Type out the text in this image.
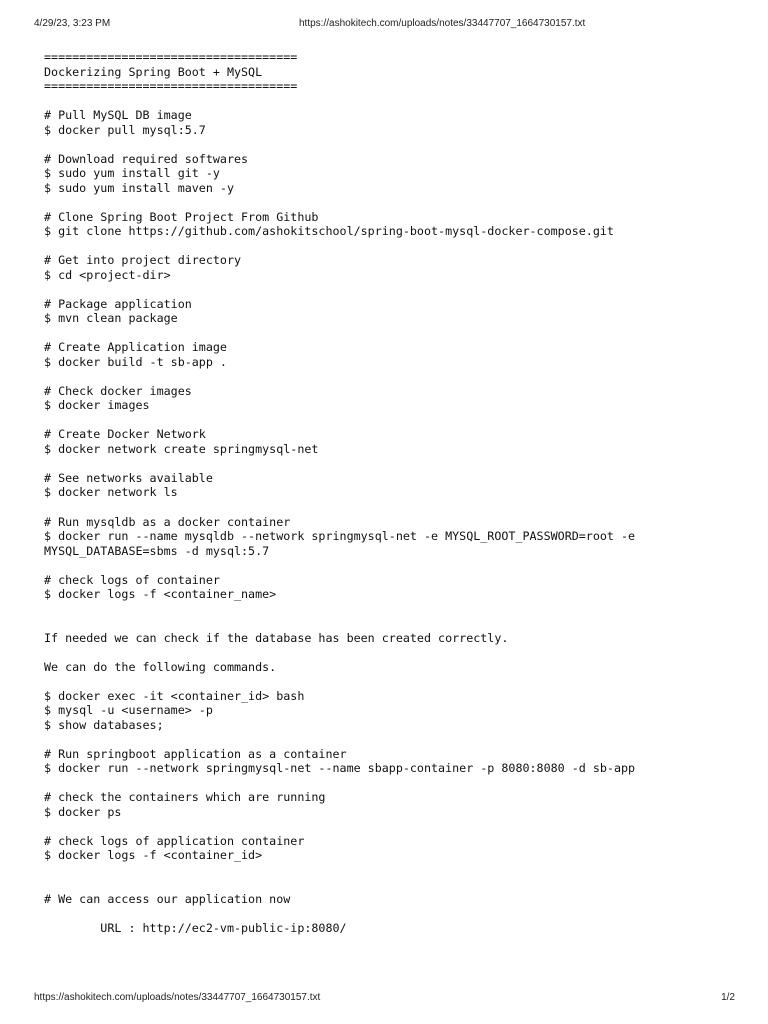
4/29/23, 3:23 PM	https://ashokitech.com/uploads/notes/33447707_1664730157.txt
====================================
Dockerizing Spring Boot + MySQL
====================================
# Pull MySQL DB image
$ docker pull mysql:5.7
# Download required softwares
$ sudo yum install git -y
$ sudo yum install maven -y
# Clone Spring Boot Project From Github
$ git clone https://github.com/ashokitschool/spring-boot-mysql-docker-compose.git
# Get into project directory
$ cd <project-dir>
# Package application
$ mvn clean package
# Create Application image
$ docker build -t sb-app .
# Check docker images
$ docker images
# Create Docker Network
$ docker network create springmysql-net
# See networks available
$ docker network ls
# Run mysqldb as a docker container
$ docker run --name mysqldb --network springmysql-net -e MYSQL_ROOT_PASSWORD=root -e
MYSQL_DATABASE=sbms -d mysql:5.7
# check logs of container
$ docker logs -f <container_name>
If needed we can check if the database has been created correctly.
We can do the following commands.
$ docker exec -it <container_id> bash
$ mysql -u <username> -p
$ show databases;
# Run springboot application as a container
$ docker run --network springmysql-net --name sbapp-container -p 8080:8080 -d sb-app
# check the containers which are running
$ docker ps
# check logs of application container
$ docker logs -f <container_id>
# We can access our application now
URL : http://ec2-vm-public-ip:8080/
https://ashokitech.com/uploads/notes/33447707_1664730157.txt	1/2
